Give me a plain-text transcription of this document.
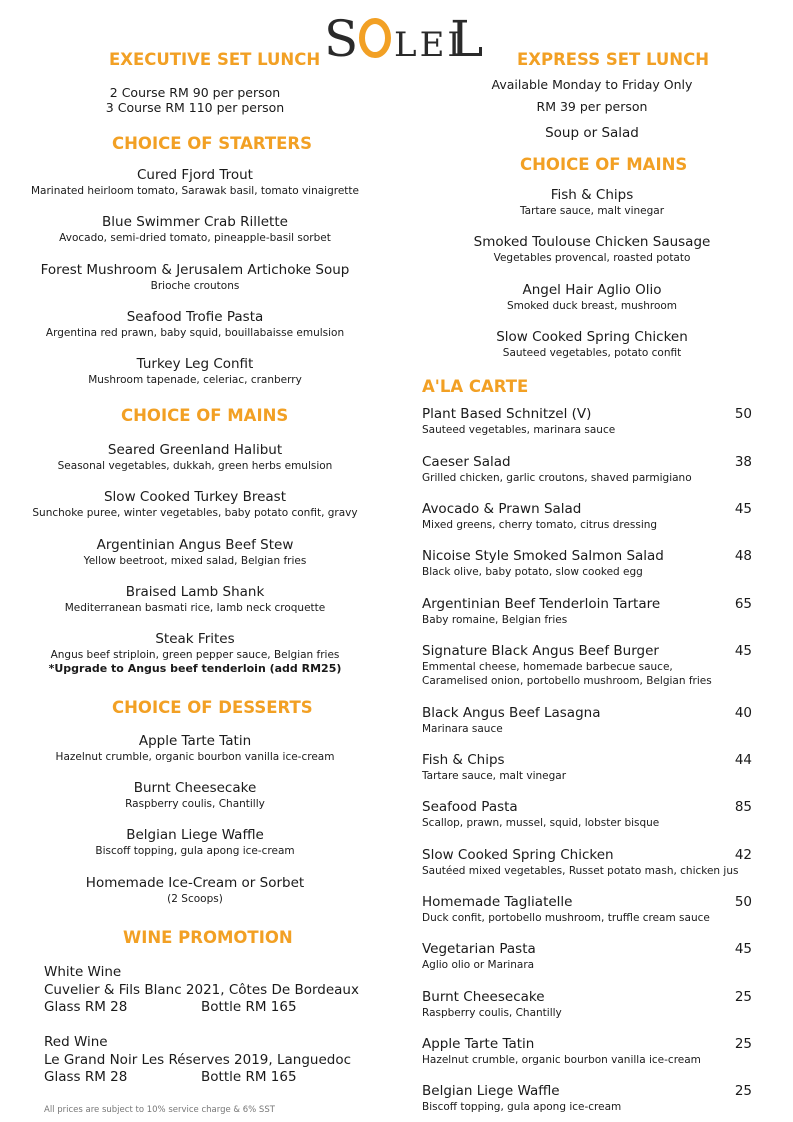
S LEI
L
EXECUTIVE SET LUNCH
2 Course RM 90 per person
3 Course RM 110 per person
CHOICE OF STARTERS
Cured Fjord Trout
Marinated heirloom tomato, Sarawak basil, tomato vinaigrette
Blue Swimmer Crab Rillette
Avocado, semi-dried tomato, pineapple-basil sorbet
Forest Mushroom & Jerusalem Artichoke Soup
Brioche croutons
Seafood Trofie Pasta
Argentina red prawn, baby squid, bouillabaisse emulsion
Turkey Leg Confit
Mushroom tapenade, celeriac, cranberry
CHOICE OF MAINS
Seared Greenland Halibut
Seasonal vegetables, dukkah, green herbs emulsion
Slow Cooked Turkey Breast
Sunchoke puree, winter vegetables, baby potato confit, gravy
Argentinian Angus Beef Stew
Yellow beetroot, mixed salad, Belgian fries
Braised Lamb Shank
Mediterranean basmati rice, lamb neck croquette
Steak Frites
Angus beef striploin, green pepper sauce, Belgian fries
*Upgrade to Angus beef tenderloin (add RM25)
CHOICE OF DESSERTS
Apple Tarte Tatin
Hazelnut crumble, organic bourbon vanilla ice-cream
Burnt Cheesecake
Raspberry coulis, Chantilly
Belgian Liege Waffle
Biscoff topping, gula apong ice-cream
Homemade Ice-Cream or Sorbet
(2 Scoops)
WINE PROMOTION
White Wine
Cuvelier & Fils Blanc 2021, Côtes De Bordeaux
Glass RM 28	Bottle RM 165
Red Wine
Le Grand Noir Les Réserves 2019, Languedoc
Glass RM 28	Bottle RM 165
All prices are subject to 10% service charge & 6% SST
EXPRESS SET LUNCH
Available Monday to Friday Only
RM 39 per person
Soup or Salad
CHOICE OF MAINS
Fish & Chips
Tartare sauce, malt vinegar
Smoked Toulouse Chicken Sausage
Vegetables provencal, roasted potato
Angel Hair Aglio Olio
Smoked duck breast, mushroom
Slow Cooked Spring Chicken
Sauteed vegetables, potato confit
A'LA CARTE
Plant Based Schnitzel (V)
Sauteed vegetables, marinara sauce
50
Caeser Salad
Grilled chicken, garlic croutons, shaved parmigiano
38
Avocado & Prawn Salad
Mixed greens, cherry tomato, citrus dressing
45
Nicoise Style Smoked Salmon Salad
Black olive, baby potato, slow cooked egg
48
Argentinian Beef Tenderloin Tartare
Baby romaine, Belgian fries
65
Signature Black Angus Beef Burger
Emmental cheese, homemade barbecue sauce,
Caramelised onion, portobello mushroom, Belgian fries
45
Black Angus Beef Lasagna
Marinara sauce
40
Fish & Chips
Tartare sauce, malt vinegar
44
Seafood Pasta
Scallop, prawn, mussel, squid, lobster bisque
85
Slow Cooked Spring Chicken
Sautéed mixed vegetables, Russet potato mash, chicken jus
42
Homemade Tagliatelle
Duck confit, portobello mushroom, truffle cream sauce
50
Vegetarian Pasta
Aglio olio or Marinara
45
Burnt Cheesecake
Raspberry coulis, Chantilly
25
Apple Tarte Tatin
Hazelnut crumble, organic bourbon vanilla ice-cream
25
Belgian Liege Waffle
Biscoff topping, gula apong ice-cream
25
